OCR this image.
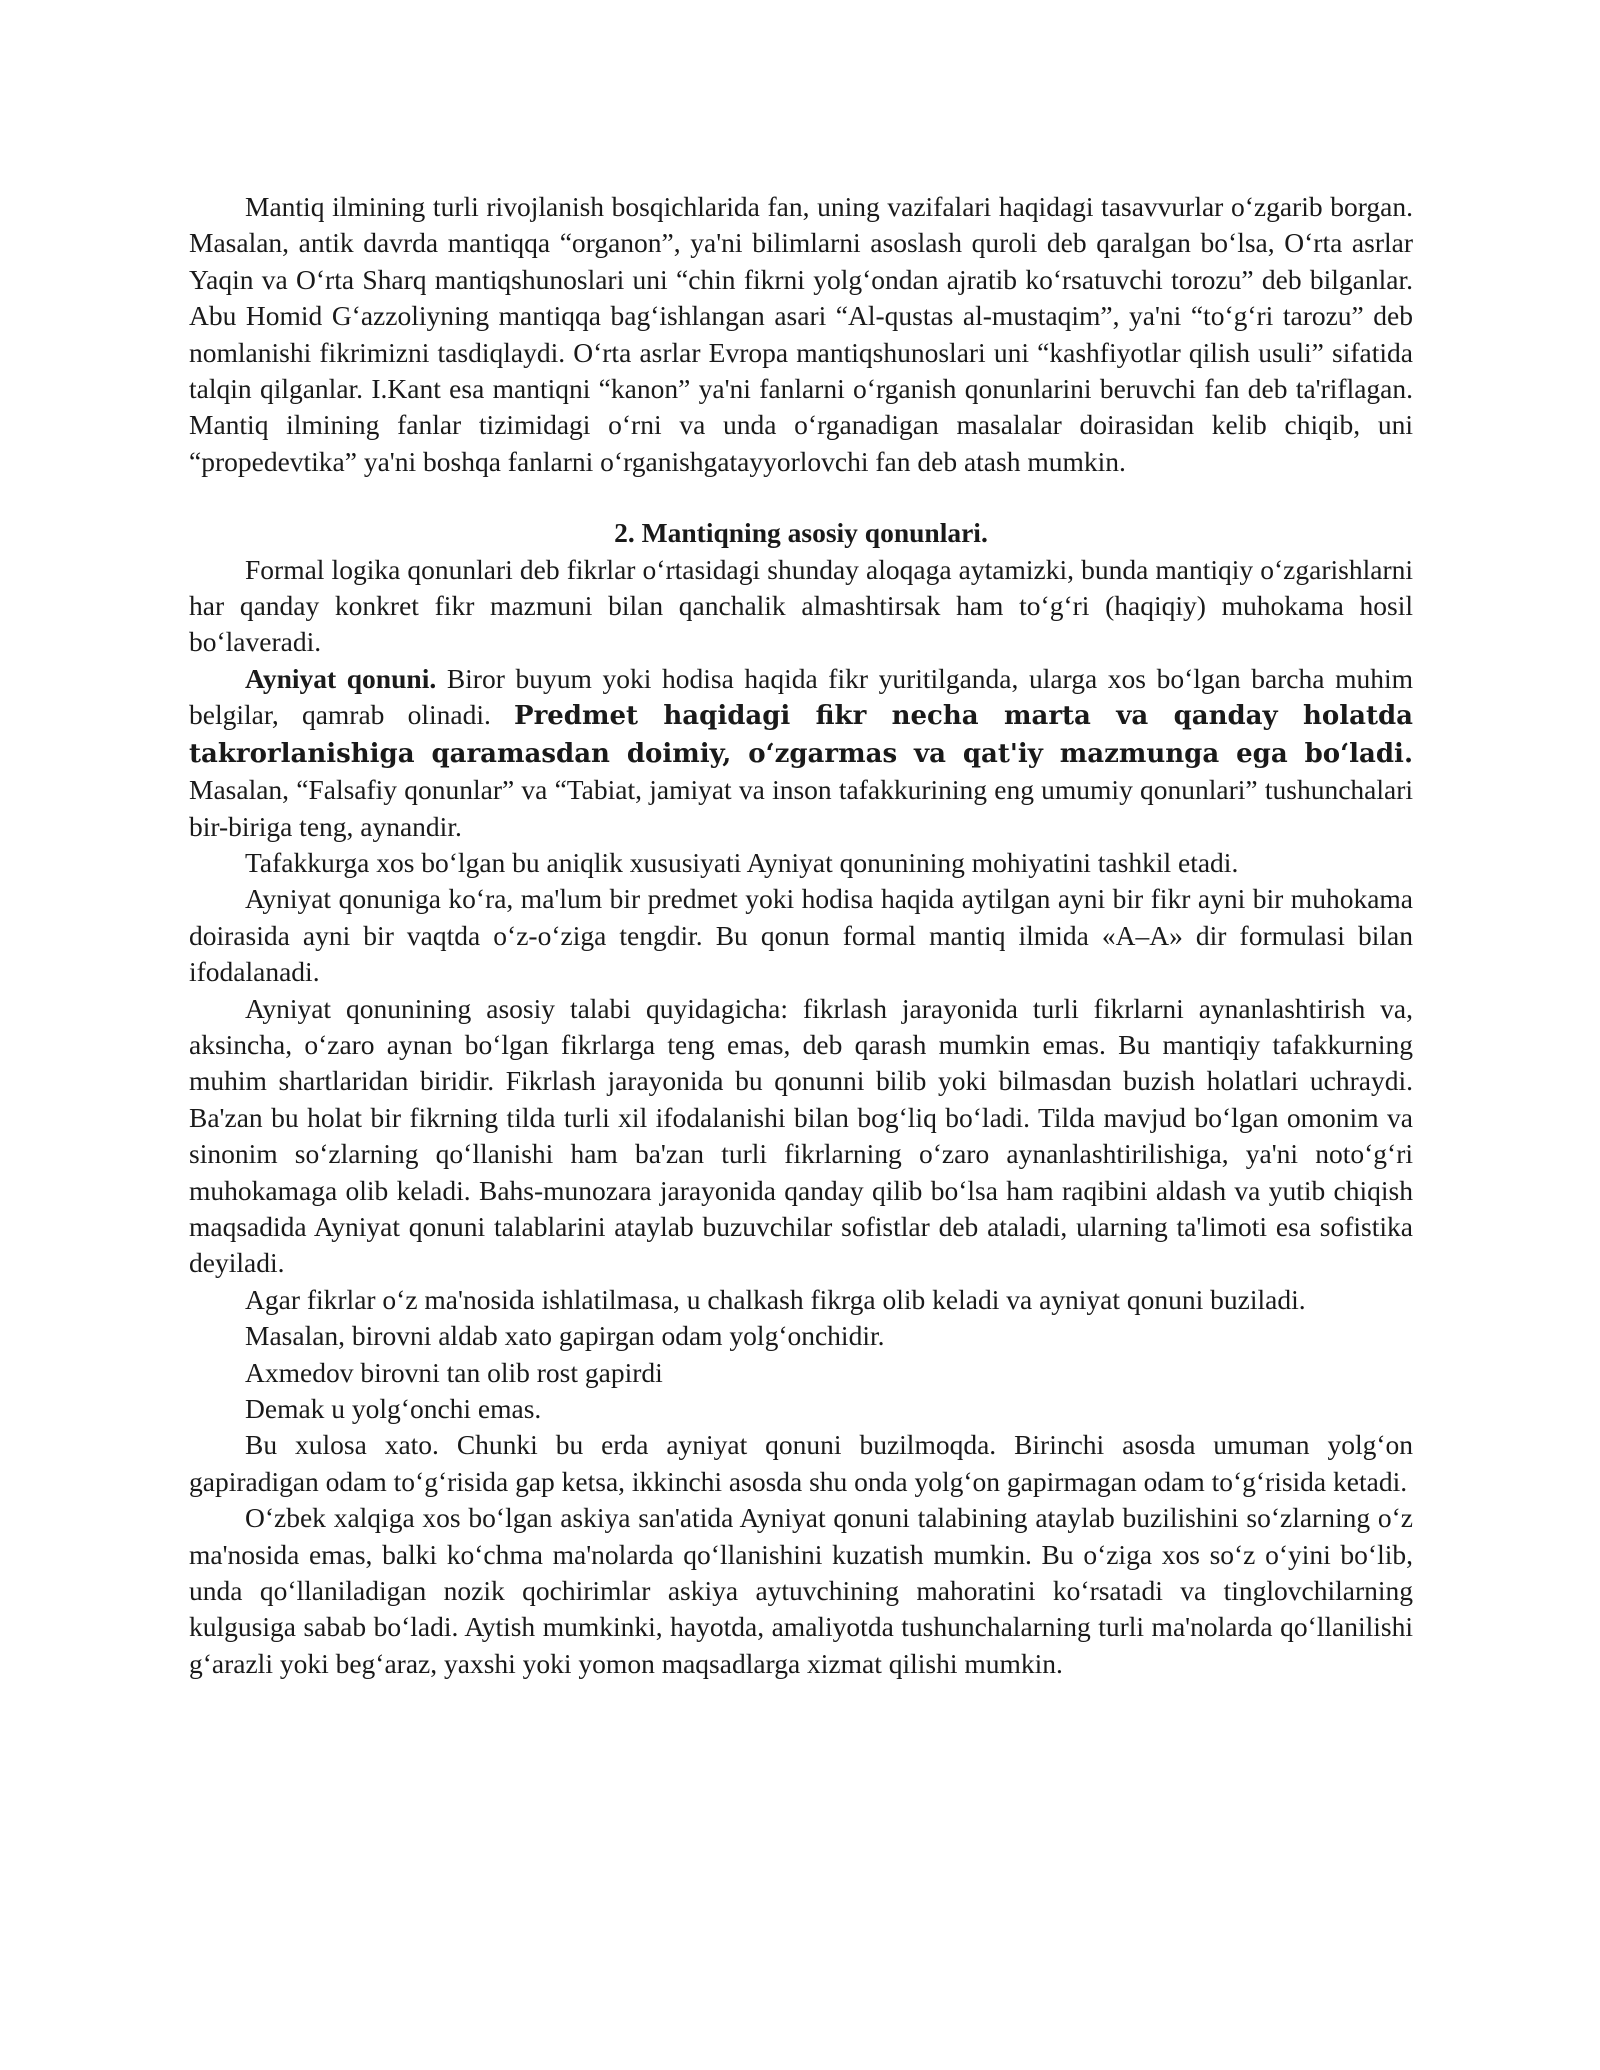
Mantiq ilmining turli rivojlanish bosqichlarida fan, uning vazifalari haqidagi tasavvurlar oʻzgarib borgan. Masalan, antik davrda mantiqqa “organon”, ya'ni bilimlarni asoslash quroli deb qaralgan boʻlsa, Oʻrta asrlar Yaqin va Oʻrta Sharq mantiqshunoslari uni “chin fikrni yolgʻondan ajratib koʻrsatuvchi torozu” deb bilganlar. Abu Homid Gʻazzoliyning mantiqqa bagʻishlangan asari “Al-qustas al-mustaqim”, ya'ni “toʻgʻri tarozu” deb nomlanishi fikrimizni tasdiqlaydi. Oʻrta asrlar Evropa mantiqshunoslari uni “kashfiyotlar qilish usuli” sifatida talqin qilganlar. I.Kant esa mantiqni “kanon” ya'ni fanlarni oʻrganish qonunlarini beruvchi fan deb ta'riflagan. Mantiq ilmining fanlar tizimidagi oʻrni va unda oʻrganadigan masalalar doirasidan kelib chiqib, uni “propedevtika” ya'ni boshqa fanlarni oʻrganishgatayyorlovchi fan deb atash mumkin.

2. Mantiqning asosiy qonunlari.

Formal logika qonunlari deb fikrlar oʻrtasidagi shunday aloqaga aytamizki, bunda mantiqiy oʻzgarishlarni har qanday konkret fikr mazmuni bilan qanchalik almashtirsak ham toʻgʻri (haqiqiy) muhokama hosil boʻlaveradi.

Ayniyat qonuni. Biror buyum yoki hodisa haqida fikr yuritilganda, ularga xos boʻlgan barcha muhim belgilar, qamrab olinadi. Predmet haqidagi fikr necha marta va qanday holatda takrorlanishiga qaramasdan doimiy, oʻzgarmas va qat'iy mazmunga ega boʻladi. Masalan, “Falsafiy qonunlar” va “Tabiat, jamiyat va inson tafakkurining eng umumiy qonunlari” tushunchalari bir-biriga teng, aynandir.

Tafakkurga xos boʻlgan bu aniqlik xususiyati Ayniyat qonunining mohiyatini tashkil etadi.

Ayniyat qonuniga koʻra, ma'lum bir predmet yoki hodisa haqida aytilgan ayni bir fikr ayni bir muhokama doirasida ayni bir vaqtda oʻz-oʻziga tengdir. Bu qonun formal mantiq ilmida «A–A» dir formulasi bilan ifodalanadi.

Ayniyat qonunining asosiy talabi quyidagicha: fikrlash jarayonida turli fikrlarni aynanlashtirish va, aksincha, oʻzaro aynan boʻlgan fikrlarga teng emas, deb qarash mumkin emas. Bu mantiqiy tafakkurning muhim shartlaridan biridir. Fikrlash jarayonida bu qonunni bilib yoki bilmasdan buzish holatlari uchraydi. Ba'zan bu holat bir fikrning tilda turli xil ifodalanishi bilan bogʻliq boʻladi. Tilda mavjud boʻlgan omonim va sinonim soʻzlarning qoʻllanishi ham ba'zan turli fikrlarning oʻzaro aynanlashtirilishiga, ya'ni notoʻgʻri muhokamaga olib keladi. Bahs-munozara jarayonida qanday qilib boʻlsa ham raqibini aldash va yutib chiqish maqsadida Ayniyat qonuni talablarini ataylab buzuvchilar sofistlar deb ataladi, ularning ta'limoti esa sofistika deyiladi.

Agar fikrlar oʻz ma'nosida ishlatilmasa, u chalkash fikrga olib keladi va ayniyat qonuni buziladi.

Masalan, birovni aldab xato gapirgan odam yolgʻonchidir.

Axmedov birovni tan olib rost gapirdi

Demak u yolgʻonchi emas.

Bu xulosa xato. Chunki bu erda ayniyat qonuni buzilmoqda. Birinchi asosda umuman yolgʻon gapiradigan odam toʻgʻrisida gap ketsa, ikkinchi asosda shu onda yolgʻon gapirmagan odam toʻgʻrisida ketadi.

Oʻzbek xalqiga xos boʻlgan askiya san'atida Ayniyat qonuni talabining ataylab buzilishini soʻzlarning oʻz ma'nosida emas, balki koʻchma ma'nolarda qoʻllanishini kuzatish mumkin. Bu oʻziga xos soʻz oʻyini boʻlib, unda qoʻllaniladigan nozik qochirimlar askiya aytuvchining mahoratini koʻrsatadi va tinglovchilarning kulgusiga sabab boʻladi. Aytish mumkinki, hayotda, amaliyotda tushunchalarning turli ma'nolarda qoʻllanilishi gʻarazli yoki begʻaraz, yaxshi yoki yomon maqsadlarga xizmat qilishi mumkin.
